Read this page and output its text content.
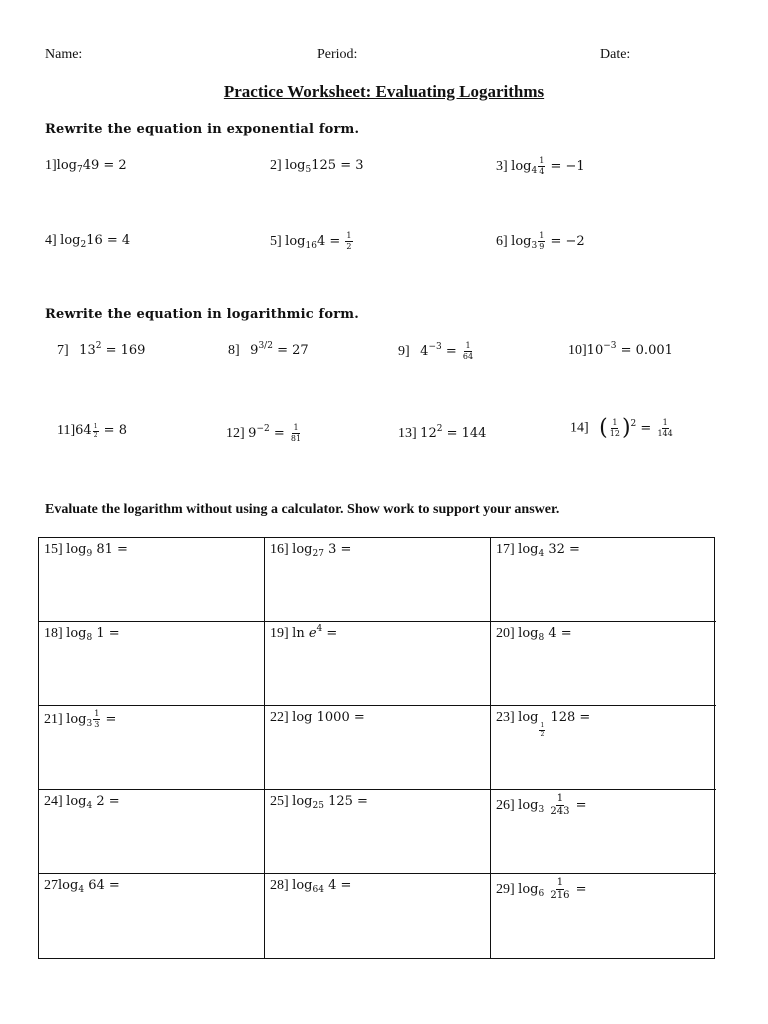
Name:	Period:	Date:
Practice Worksheet: Evaluating Logarithms
Rewrite the equation in exponential form.
$1]\log_749 = 2$	2] $\log_5125 = 3$	3] $\log_4 \frac{1}{4} = -1$
4] $\log_216 = 4$	5] $\log_{16}4 = \frac{1}{2}$	6] $\log_3 \frac{1}{9} = -2$
Rewrite the equation in logarithmic form.
7] $13^2 = 169$	8] $9^{3/2} = 27$	9] $4^{-3} = \frac{1}{64}$	$10]10^{-3} = 0.001$
$11]64 \frac{1}{2} = 8$	12] $9^{-2} = \frac{1}{81}$	13] $12^2 = 144$	14] ( $\frac{1}{12} )^2 = \frac{1}{144}$
Evaluate the logarithm without using a calculator. Show work to support your answer.
15] $\log_9 81$ =	16] $\log_{27} 3$ =	17] $\log_4 32$ =
18] $\log_8 1$ =	19] $\ln e^4$ =	20] $\log_8 4$ =
21] $\log_3 \frac{1}{3}$ =	22] log 1000 =	23] log
$\frac{1}{2}$
128 =
24] $\log_4 2$ =	25] $\log_{25} 125$ =	26] $\log_3 \frac{1}{243}$ =
$27\log_4$ 64 =	28] $\log_{64} 4$ =	29] $\log_6 \frac{1}{216}$ =
